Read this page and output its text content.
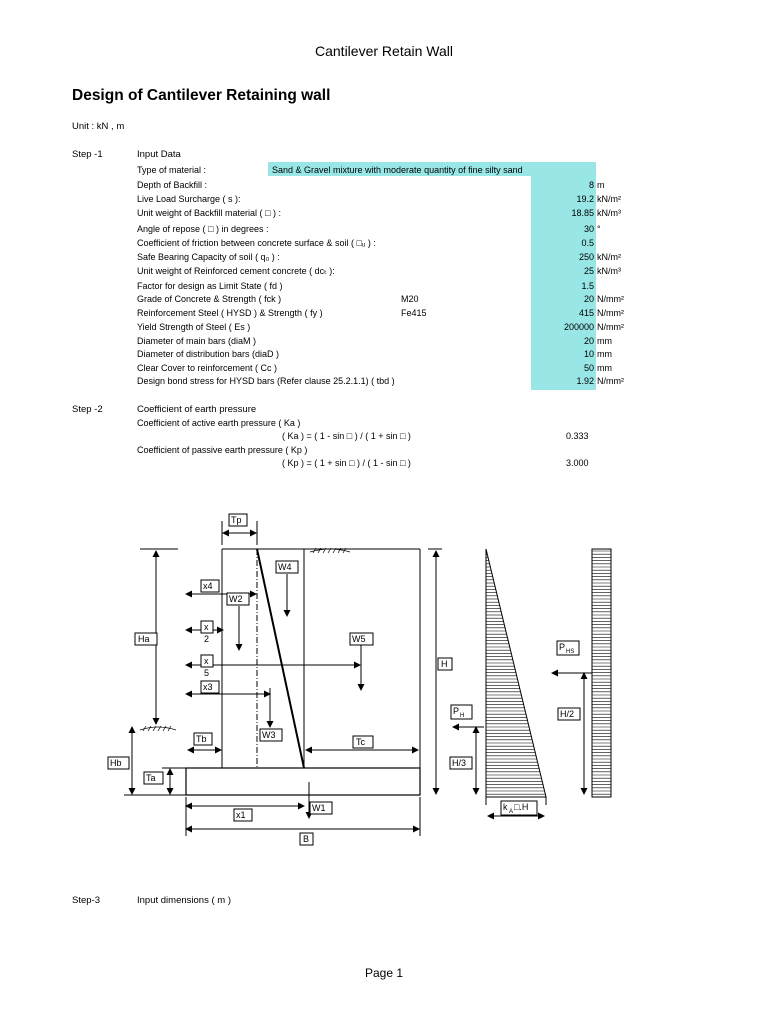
Cantilever Retain Wall
Design of Cantilever Retaining wall
Unit : kN , m
Step -1	Input Data
Type of material :	Sand & Gravel mixture with moderate quantity of fine silty sand
Depth of Backfill :	8 m
Live Load Surcharge ( s ):	19.2 kN/m²
Unit weight of Backfill material ( □ ) :	18.85 kN/m³
Angle of repose ( □ ) in degrees :	30 °
Coefficient of friction between concrete surface & soil ( □ᵤ ) :	0.5
Safe Bearing Capacity of soil ( q₀ ) :	250 kN/m²
Unit weight of Reinforced cement concrete ( dcₜ ):	25 kN/m³
Factor for design as Limit State ( fd )	1.5
Grade of Concrete & Strength ( fck )	M20	20 N/mm²
Reinforcement Steel ( HYSD ) & Strength ( fy )	Fe415	415 N/mm²
Yield Strength of Steel ( Es )	200000 N/mm²
Diameter of main bars (diaM )	20 mm
Diameter of distribution bars (diaD )	10 mm
Clear Cover to reinforcement ( Cc )	50 mm
Design bond stress for HYSD bars (Refer clause 25.2.1.1) ( tbd )	1.92 N/mm²
Step -2	Coefficient of earth pressure
Coefficient of active earth pressure ( Ka )
( Ka ) = ( 1 - sin □ ) / ( 1 + sin □ )	0.333
Coefficient of passive earth pressure ( Kp )
( Kp ) = ( 1 + sin □ ) / ( 1 - sin □ )	3.000
Tp
W4
x4
W2
x
2
Ha	W5
x
5
H
x3
W3
Tb	Tc
Hb
Ta
W1
x1
B
P H
H/3
P HS
H/2
k A □.H
Step-3	Input dimensions ( m )
Page 1
